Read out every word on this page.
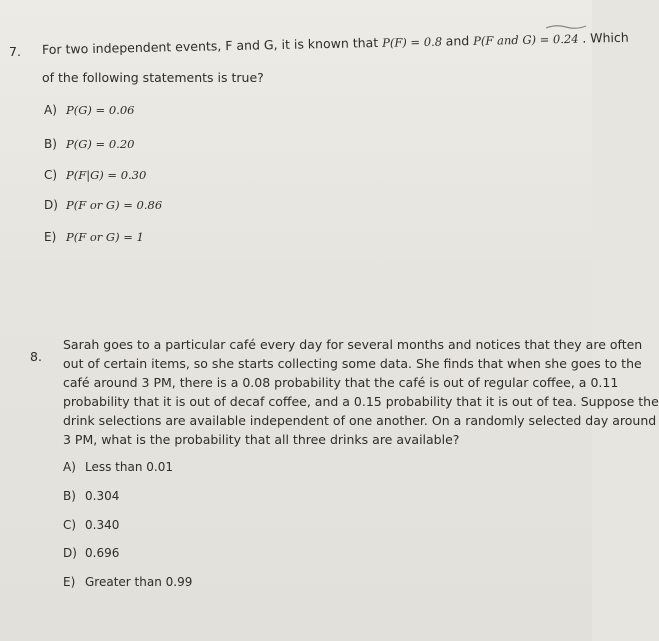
7. For two independent events, F and G, it is known that P(F) = 0.8 and P(F and G) = 0.24 . Which
of the following statements is true?
A) P(G) = 0.06
B) P(G) = 0.20
C) P(F|G) = 0.30
D) P(F or G) = 0.86
E) P(F or G) = 1
8.
Sarah goes to a particular café every day for several months and notices that they are often
out of certain items, so she starts collecting some data. She finds that when she goes to the
café around 3 PM, there is a 0.08 probability that the café is out of regular coffee, a 0.11
probability that it is out of decaf coffee, and a 0.15 probability that it is out of tea. Suppose the
drink selections are available independent of one another. On a randomly selected day around
3 PM, what is the probability that all three drinks are available?
A) Less than 0.01
B) 0.304
C) 0.340
D) 0.696
E) Greater than 0.99
